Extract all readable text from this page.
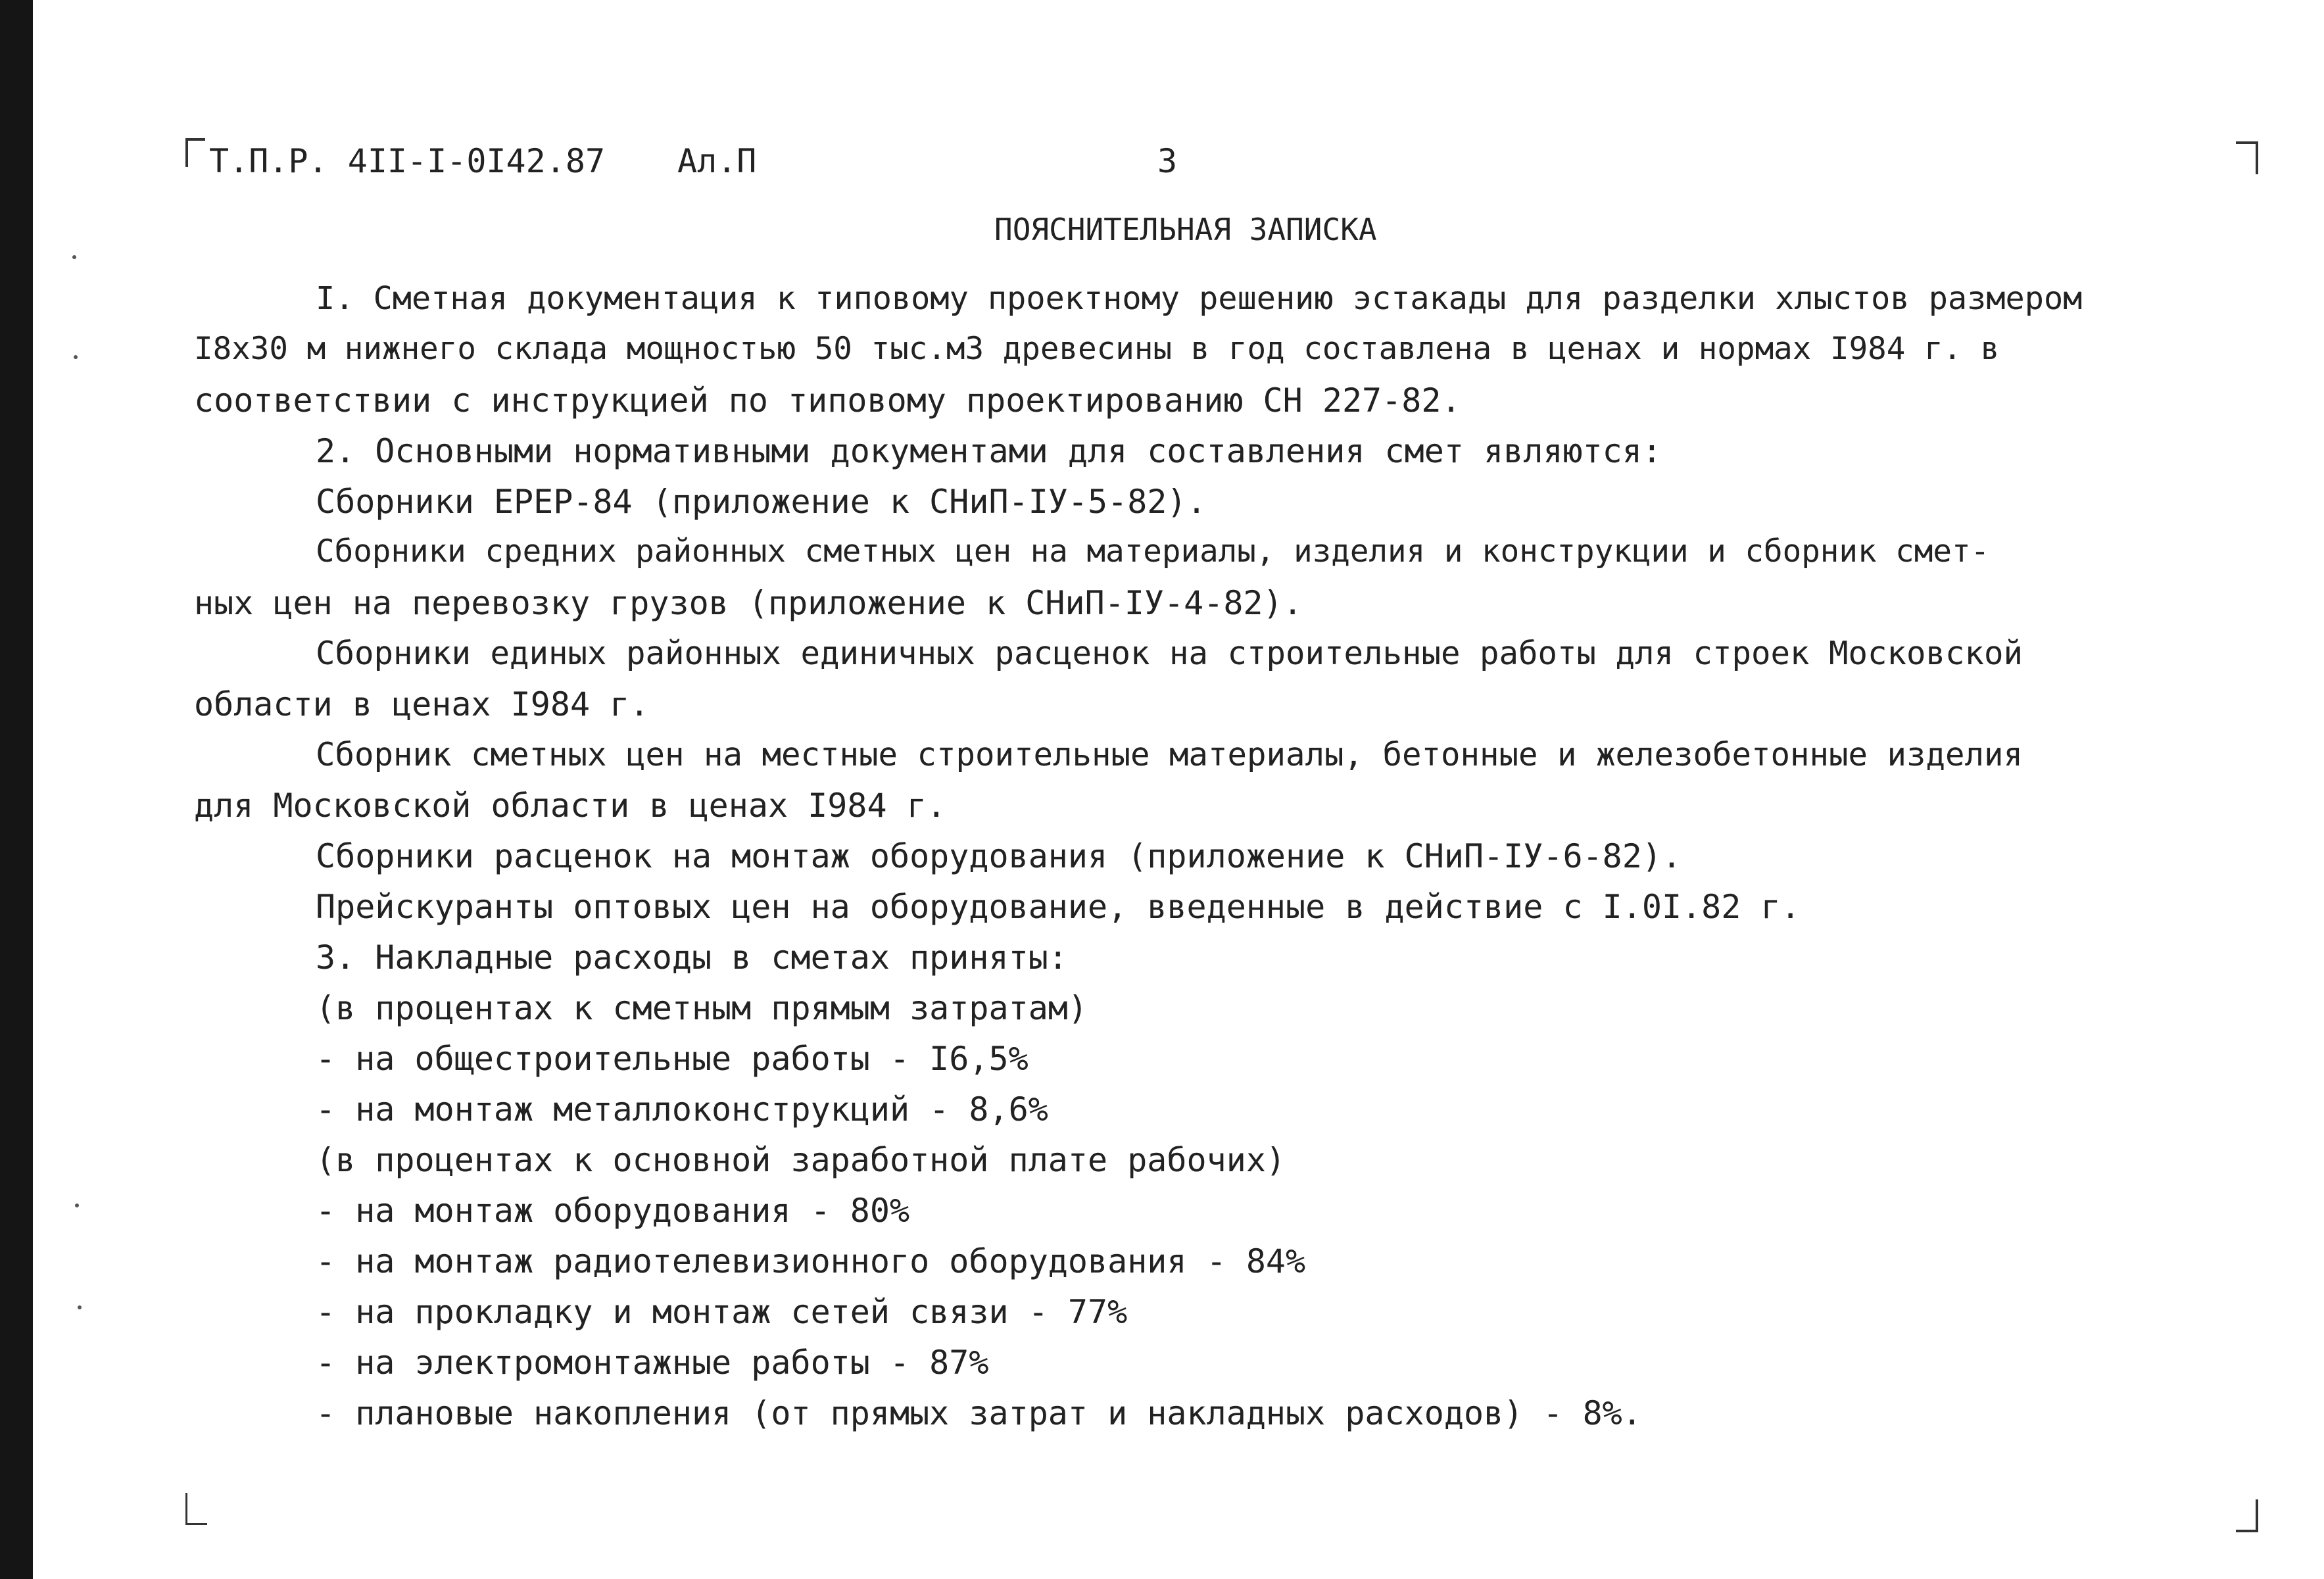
Т.П.Р. 4II-I-0I42.87 Ал.П	3
ПОЯСНИТЕЛЬНАЯ ЗАПИСКА
I. Сметная документация к типовому проектному решению эстакады для разделки хлыстов размером
I8x30 м нижнего склада мощностью 50 тыс.м3 древесины в год составлена в ценах и нормах I984 г. в
соответствии с инструкцией по типовому проектированию СН 227-82.
2. Основными нормативными документами для составления смет являются:
Сборники ЕРЕР-84 (приложение к СНиП-IУ-5-82).
Сборники средних районных сметных цен на материалы, изделия и конструкции и сборник смет-
ных цен на перевозку грузов (приложение к СНиП-IУ-4-82).
Сборники единых районных единичных расценок на строительные работы для строек Московской
области в ценах I984 г.
Сборник сметных цен на местные строительные материалы, бетонные и железобетонные изделия
для Московской области в ценах I984 г.
Сборники расценок на монтаж оборудования (приложение к СНиП-IУ-6-82).
Прейскуранты оптовых цен на оборудование, введенные в действие с I.0I.82 г.
3. Накладные расходы в сметах приняты:
(в процентах к сметным прямым затратам)
- на общестроительные работы - I6,5%
- на монтаж металлоконструкций - 8,6%
(в процентах к основной заработной плате рабочих)
- на монтаж оборудования - 80%
- на монтаж радиотелевизионного оборудования - 84%
- на прокладку и монтаж сетей связи - 77%
- на электромонтажные работы - 87%
- плановые накопления (от прямых затрат и накладных расходов) - 8%.
